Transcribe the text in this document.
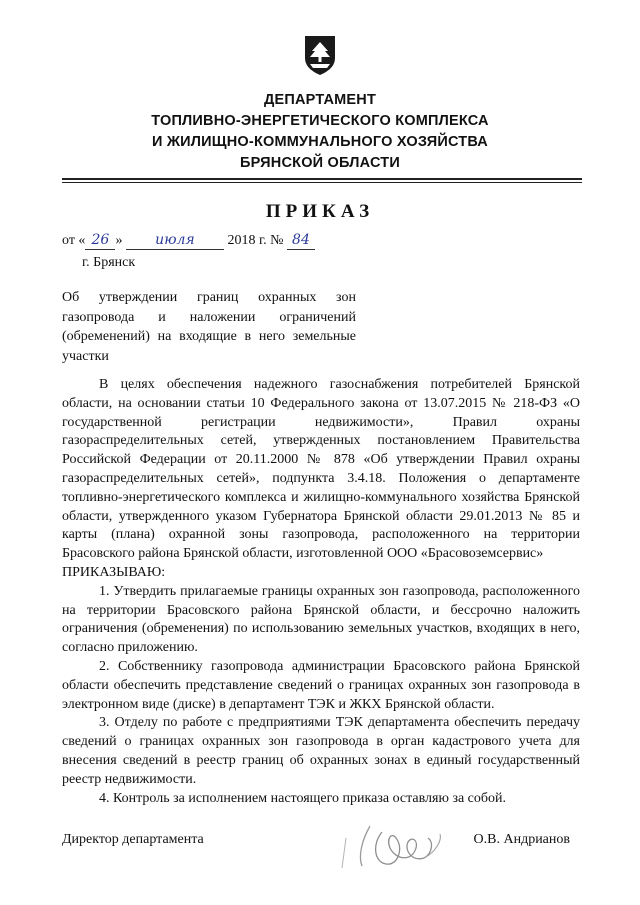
ДЕПАРТАМЕНТ
ТОПЛИВНО-ЭНЕРГЕТИЧЕСКОГО КОМПЛЕКСА
И ЖИЛИЩНО-КОММУНАЛЬНОГО ХОЗЯЙСТВА
БРЯНСКОЙ ОБЛАСТИ
ПРИКАЗ
от « 26 » июля 2018 г. № 84
г. Брянск
Об утверждении границ охранных зон газопровода и наложении ограничений (обременений) на входящие в него земельные участки

В целях обеспечения надежного газоснабжения потребителей Брянской области, на основании статьи 10 Федерального закона от 13.07.2015 № 218-ФЗ «О государственной регистрации недвижимости», Правил охраны газораспределительных сетей, утвержденных постановлением Правительства Российской Федерации от 20.11.2000 № 878 «Об утверждении Правил охраны газораспределительных сетей», подпункта 3.4.18. Положения о департаменте топливно-энергетического комплекса и жилищно-коммунального хозяйства Брянской области, утвержденного указом Губернатора Брянской области 29.01.2013 № 85 и карты (плана) охранной зоны газопровода, расположенного на территории Брасовского района Брянской области, изготовленной ООО «Брасовоземсервис»

ПРИКАЗЫВАЮ:

1. Утвердить прилагаемые границы охранных зон газопровода, расположенного на территории Брасовского района Брянской области, и бессрочно наложить ограничения (обременения) по использованию земельных участков, входящих в него, согласно приложению.

2. Собственнику газопровода администрации Брасовского района Брянской области обеспечить представление сведений о границах охранных зон газопровода в электронном виде (диске) в департамент ТЭК и ЖКХ Брянской области.

3. Отделу по работе с предприятиями ТЭК департамента обеспечить передачу сведений о границах охранных зон газопровода в орган кадастрового учета для внесения сведений в реестр границ об охранных зонах в единый государственный реестр недвижимости.

4. Контроль за исполнением настоящего приказа оставляю за собой.

Директор департамента	О.В. Андрианов
